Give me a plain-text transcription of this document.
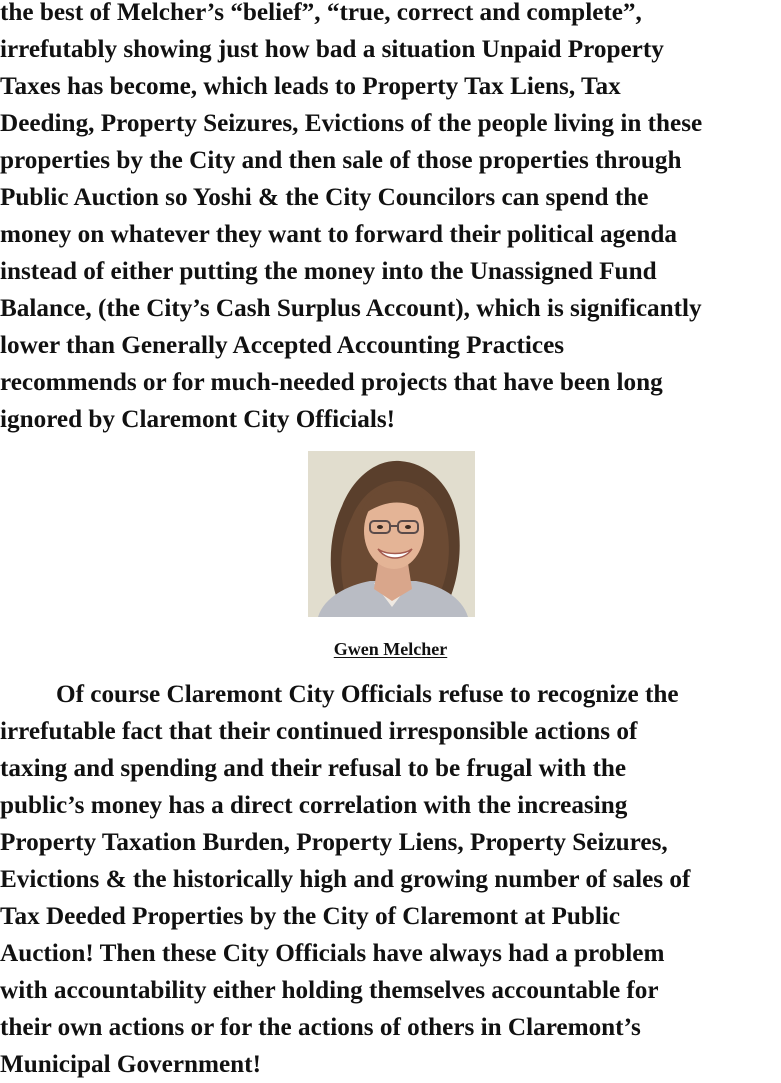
the best of Melcher’s “belief”, “true, correct and complete”,
irrefutably showing just how bad a situation Unpaid Property
Taxes has become, which leads to Property Tax Liens, Tax
Deeding, Property Seizures, Evictions of the people living in these
properties by the City and then sale of those properties through
Public Auction so Yoshi & the City Councilors can spend the
money on whatever they want to forward their political agenda
instead of either putting the money into the Unassigned Fund
Balance, (the City’s Cash Surplus Account), which is significantly
lower than Generally Accepted Accounting Practices
recommends or for much-needed projects that have been long
ignored by Claremont City Officials!
Gwen Melcher
Of course Claremont City Officials refuse to recognize the
irrefutable fact that their continued irresponsible actions of
taxing and spending and their refusal to be frugal with the
public’s money has a direct correlation with the increasing
Property Taxation Burden, Property Liens, Property Seizures,
Evictions & the historically high and growing number of sales of
Tax Deeded Properties by the City of Claremont at Public
Auction! Then these City Officials have always had a problem
with accountability either holding themselves accountable for
their own actions or for the actions of others in Claremont’s
Municipal Government!
